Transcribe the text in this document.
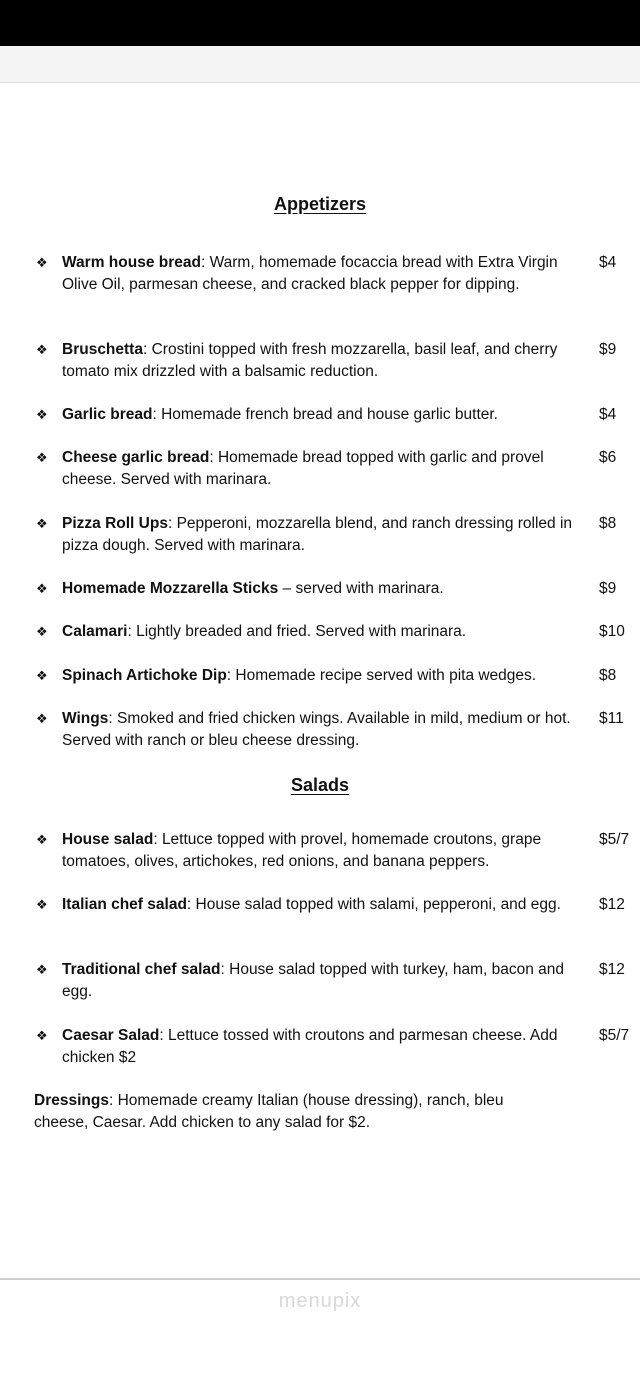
Appetizers
❖ Warm house bread: Warm, homemade focaccia bread with Extra Virgin Olive Oil, parmesan cheese, and cracked black pepper for dipping.
$4
❖ Bruschetta: Crostini topped with fresh mozzarella, basil leaf, and cherry tomato mix drizzled with a balsamic reduction.
$9
❖ Garlic bread: Homemade french bread and house garlic butter.	$4
❖ Cheese garlic bread: Homemade bread topped with garlic and provel cheese. Served with marinara.
$6
❖ Pizza Roll Ups: Pepperoni, mozzarella blend, and ranch dressing rolled in pizza dough. Served with marinara.
$8
❖ Homemade Mozzarella Sticks – served with marinara.	$9
❖ Calamari: Lightly breaded and fried. Served with marinara.	$10
❖ Spinach Artichoke Dip: Homemade recipe served with pita wedges.	$8
❖ Wings: Smoked and fried chicken wings. Available in mild, medium or hot. Served with ranch or bleu cheese dressing.
$11
Salads
❖ House salad: Lettuce topped with provel, homemade croutons, grape tomatoes, olives, artichokes, red onions, and banana peppers.
$5/7
❖ Italian chef salad: House salad topped with salami, pepperoni, and egg.	$12
❖ Traditional chef salad: House salad topped with turkey, ham, bacon and egg.
$12
❖ Caesar Salad: Lettuce tossed with croutons and parmesan cheese. Add chicken $2
$5/7
Dressings: Homemade creamy Italian (house dressing), ranch, bleu cheese, Caesar. Add chicken to any salad for $2.
menupix
